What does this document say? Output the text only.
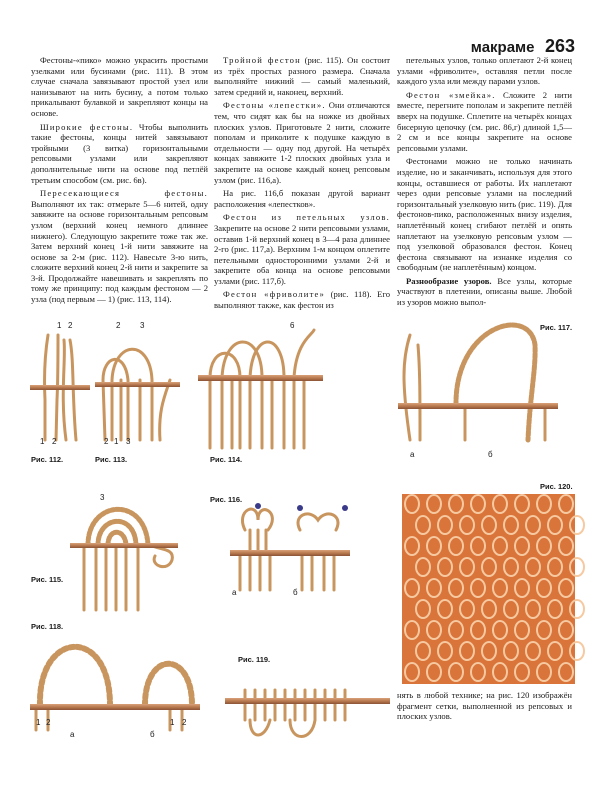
макраме 263

Фестоны-«пико» можно украсить простыми узелками или бусинами (рис. 111). В этом случае сначала завязывают простой узел или нанизывают на нить бусину, а потом только прикалывают булавкой и закрепляют концы на основе.

Широкие фестоны. Чтобы выполнить такие фестоны, концы нитей завязывают тройными (3 витка) горизонтальными репсовыми узлами или закрепляют дополнительные нити на основе под петлёй третьим способом (см. рис. 6в).

Пересекающиеся фестоны. Выполняют их так: отмерьте 5—6 нитей, одну завяжите на основе горизонтальным репсовым узлом (верхний конец немного длиннее нижнего). Следующую закрепите тоже так же. Затем верхний конец 1-й нити завяжите на основе за 2-м (рис. 112). Навесьте 3-ю нить, сложите верхний конец 2-й нити и закрепите за 3-й. Продолжайте навешивать и закреплять по тому же принципу: под каждым фестоном — 2 узла (под первым — 1) (рис. 113, 114).

Тройной фестон (рис. 115). Он состоит из трёх простых разного размера. Сначала выполняйте нижний — самый маленький, затем средний и, наконец, верхний.

Фестоны «лепестки». Они отличаются тем, что сидят как бы на ножке из двойных плоских узлов. Приготовьте 2 нити, сложите пополам и приколите к подушке каждую в отдельности — одну под другой. На четырёх концах завяжите 1-2 плоских двойных узла и закрепите на основе каждый конец репсовым узлом (рис. 116,а).

На рис. 116,б показан другой вариант расположения «лепестков».

Фестон из петельных узлов. Закрепите на основе 2 нити репсовыми узлами, оставив 1-й верхний конец в 3—4 раза длиннее 2-го (рис. 117,а). Верхним 1-м концом оплетите петельными односторонними узлами 2-й и закрепите оба конца на основе репсовыми узлами (рис. 117,б).

Фестон «фриволите» (рис. 118). Его выполняют также, как фестон из

петельных узлов, только оплетают 2-й конец узлами «фриволите», оставляя петли после каждого узла или между парами узлов.

Фестон «змейка». Сложите 2 нити вместе, перегните пополам и закрепите петлёй вверх на подушке. Сплетите на четырёх концах бисерную цепочку (см. рис. 86,г) длиной 1,5—2 см и все концы закрепите на основе репсовыми узлами.

Фестонами можно не только начинать изделие, но и заканчивать, используя для этого концы, оставшиеся от работы. Их наплетают через одни репсовые узлами на последний горизонтальный узелковую нить (рис. 119). Для фестонов-пико, расположенных внизу изделия, наплетённый конец сгибают петлёй и опять наплетают на узелковую репсовым узлом — под узелковой образовался фестон. Конец фестона связывают на изнанке изделия со свободным (не наплетённым) концом.

Разнообразие узоров. Все узлы, которые участвуют в плетении, описаны выше. Любой из узоров можно выпол-

Рис. 112.	Рис. 113.	Рис. 114.
Рис. 117.
Рис. 115.
Рис. 116.
Рис. 120.
Рис. 118.
Рис. 119.
1 2	2 3	6
1 2	2 1 3
а	б
3
а	б
1 2
а	б
1 2
нять в любой технике; на рис. 120 изображён фрагмент сетки, выполненной из репсовых и плоских узлов.
